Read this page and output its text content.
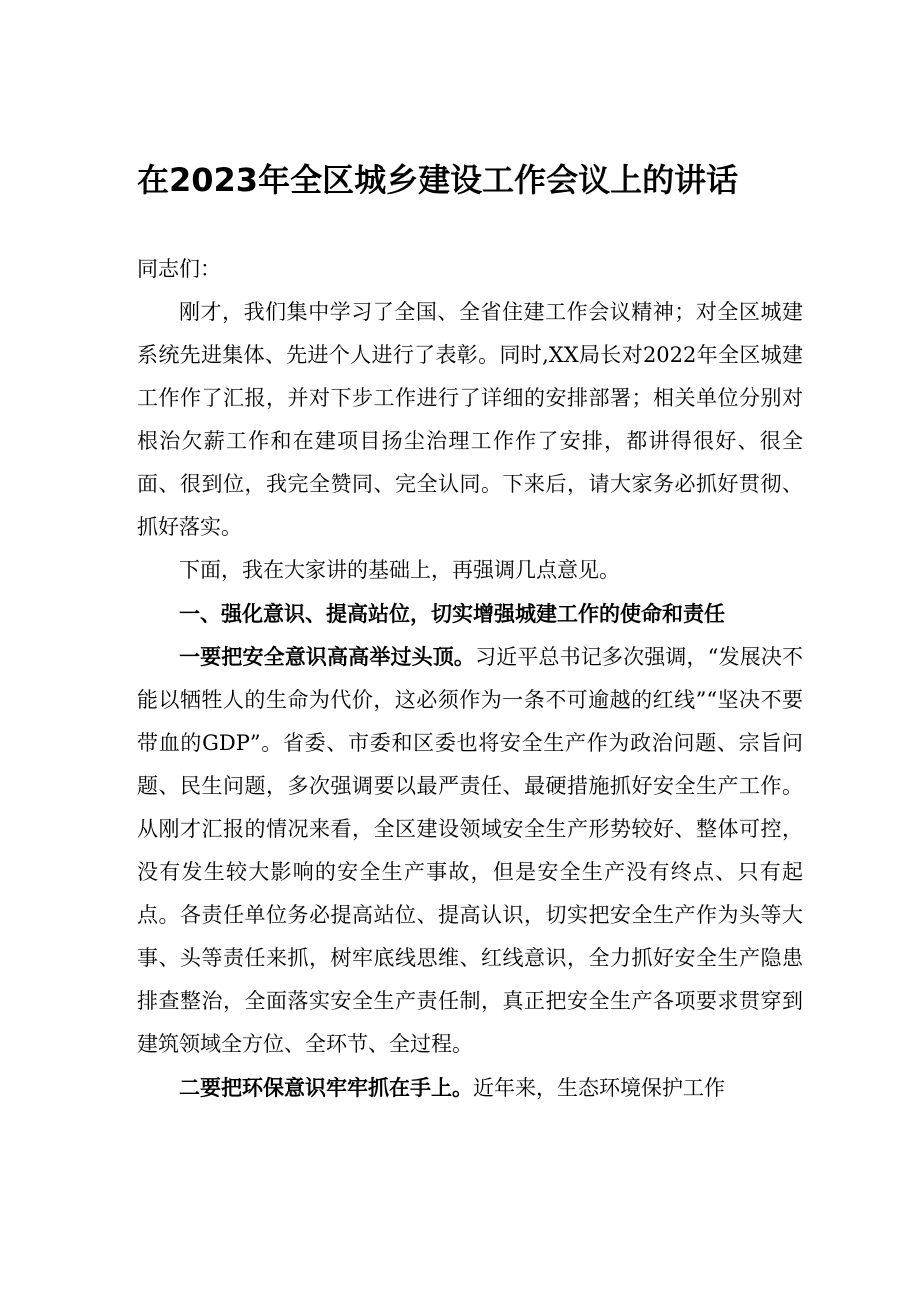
在2023年全区城乡建设工作会议上的讲话

同志们：

刚才，我们集中学习了全国、全省住建工作会议精神；对全区城建系统先进集体、先进个人进行了表彰。同时,XX局长对2022年全区城建工作作了汇报，并对下步工作进行了详细的安排部署；相关单位分别对根治欠薪工作和在建项目扬尘治理工作作了安排，都讲得很好、很全面、很到位，我完全赞同、完全认同。下来后，请大家务必抓好贯彻、抓好落实。

下面，我在大家讲的基础上，再强调几点意见。

一、强化意识、提高站位，切实增强城建工作的使命和责任

一要把安全意识高高举过头顶。习近平总书记多次强调，“发展决不能以牺牲人的生命为代价，这必须作为一条不可逾越的红线”“坚决不要带血的GDP”。省委、市委和区委也将安全生产作为政治问题、宗旨问题、民生问题，多次强调要以最严责任、最硬措施抓好安全生产工作。从刚才汇报的情况来看，全区建设领域安全生产形势较好、整体可控，没有发生较大影响的安全生产事故，但是安全生产没有终点、只有起点。各责任单位务必提高站位、提高认识，切实把安全生产作为头等大事、头等责任来抓，树牢底线思维、红线意识，全力抓好安全生产隐患排查整治，全面落实安全生产责任制，真正把安全生产各项要求贯穿到建筑领域全方位、全环节、全过程。

二要把环保意识牢牢抓在手上。近年来，生态环境保护工作
